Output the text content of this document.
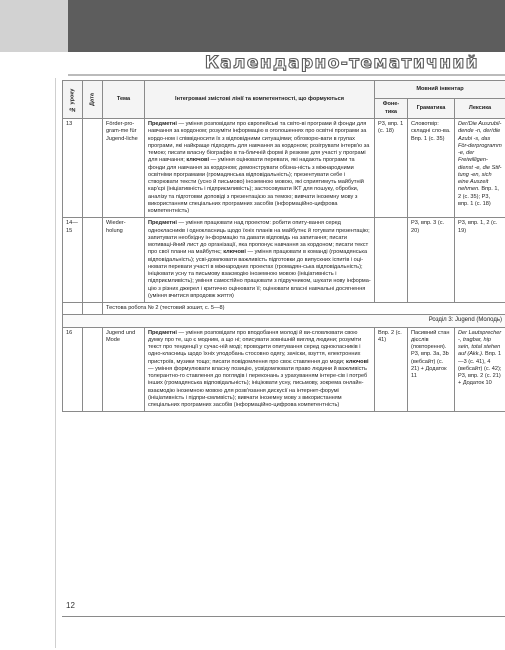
Календарно-тематичний
№ уроку	Дата	Тема	Інтегровані змістові лінії та компетентності, що формуються	Мовний інвентар		
				Фоне-тика	Граматика	Лексика
13		Förder-pro-gram-me für Jugend-liche	Предметні — уміння розповідати про європейські та світо-ві програми й фонди для навчання за кордоном; розуміти інформацію в оголошеннях про освітні програми за кордо-ном і співвідносити їх з відповідними ситуаціями; обговорю-вати в групах програми, які найкраще підходять для навчання за кордоном; розігрувати інтерв'ю за темою; писати власну біографію в та-бличній формі й резюме для участі у програмі для навчання; ключові — уміння оцінювати переваги, які надають програми та фонди для навчання за кордоном; демонструвати обізна-ність з міжнародними освітніми програмами (громадянська відповідальність); презентувати себе і створювати тексти (усно й письмово) іноземною мовою, які сприятимуть майбутній кар'єрі (ініціативність і підприємливість); застосовувати ІКТ для пошуку, обробки, аналізу та підготовки доповіді з презентацією за темою; вивчати іноземну мову з використанням спеціальних програмних засобів (інформаційно-цифрова компетентність)	Р3, впр. 1 (с. 18)	Словотвір: складні сло-ва. Впр. 1 (с. 35)	Der/Die Auszubil-dende -n, der/die Azubi -s, das För-derprogramm -e, der Freiwilligen-dienst -e, die Stif-tung -en, sich eine Auszeit nehmen. Впр. 1, 2 (с. 35); Р3, впр. 1 (с. 18)
14—15		Wieder-holung	Предметні — уміння працювати над проектом: робити опиту-вання серед однокласників і однокласниць щодо їхніх планів на майбутнє й готувати презентацію; запитувати необхідну ін-формацію та давати відповідь на запитання; писати мотиваці-йний лист до організації, яка пропонує навчання за кордоном; писати текст про свої плани на майбутнє; ключові — уміння працювати в команді (громадянська відповідальність); усві-домлювати важливість підготовки до випускних іспитів і оці-нювати переваги участі в міжнародних проектах (громадян-ська відповідальність); ініціювати усну та письмову взаємодію іноземною мовою (ініціативність і підприємливість); уміння самостійно працювати з підручником, шукати нову інформа-цію з різних джерел і критично оцінювати її; оцінювати власні навчальні досягнення (уміння вчитися впродовж життя)		Р3, впр. 3 (с. 20)	Р3, впр. 1, 2 (с. 19)
		Тестова робота № 2 (тестовий зошит, с. 5—8)				
Розділ 3: Jugend (Молодь)						
16		Jugend und Mode	Предметні — уміння розповідати про вподобання молоді й ви-словлювати свою думку про те, що є модним, а що ні; описувати зовнішній вигляд людини; розуміти текст про тенденції у сучас-ній моді; проводити опитування серед однокласників і одно-класниць щодо їхніх уподобань стосовно одягу, зачіски, взуття, електронних пристроїв, музики тощо; писати повідомлення про своє ставлення до моди; ключові — уміння формулювати власну позицію, усвідомлювати право людини й важливість толерантно-го ставлення до поглядів і переконань з урахуванням інтере-сів і потреб інших (громадянська відповідальність); ініціювати усну, письмову, зокрема онлайн-взаємодію іноземною мовою для розв'язання дискусії на інтернет-форумі (ініціативність і підпри-ємливість); вивчати іноземну мову з використанням спеціальних програмних засобів (інформаційно-цифрова компетентність)	Впр. 2 (с. 41)	Пасивний стан дієслів (повторення). Р3, впр. 3а, 3b (вебсайт) (с. 21) + Додаток 11	Der Lautsprecher -, tragbar, hip sein, total stehen auf (Akk.). Впр. 1—3 (с. 41), 4 (вебсайт) (с. 42); Р3, впр. 2 (с. 21) + Додаток 10
12
